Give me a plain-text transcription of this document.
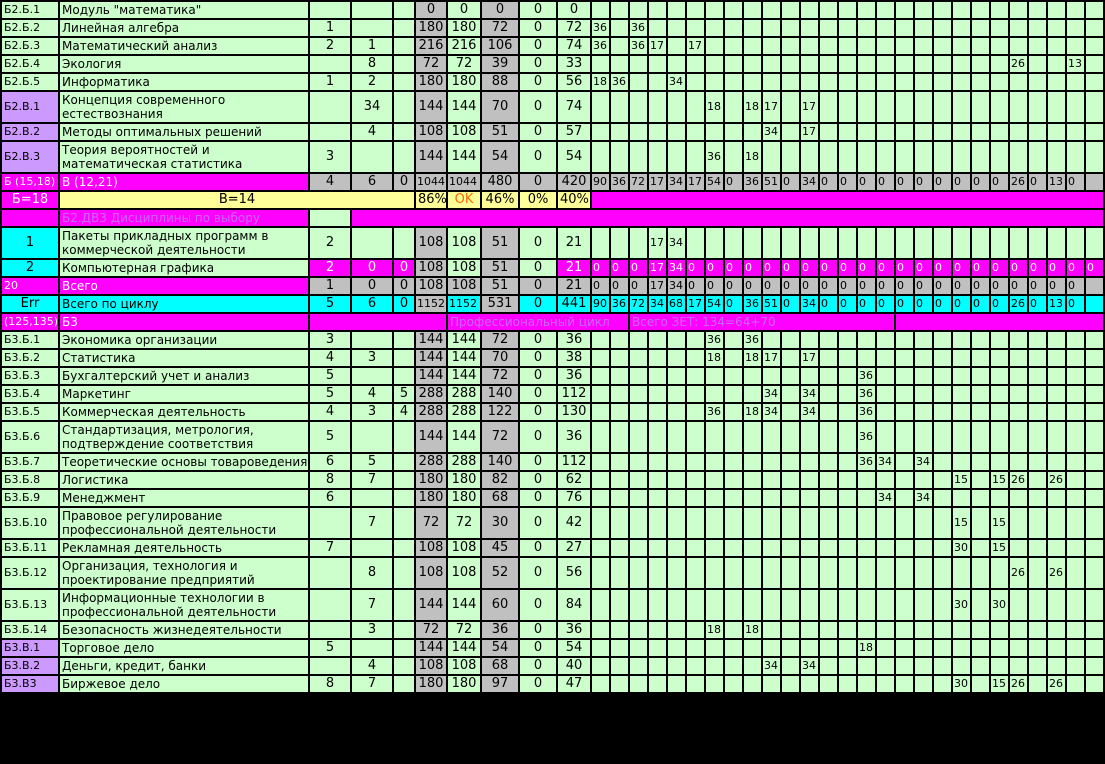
Б2.Б.1	Модуль "математика"				0	0	0	0	0																											
Б2.Б.2	Линейная алгебра	1			180	180	72	0	72	36		36																								
Б2.Б.3	Математический анализ	2	1		216	216	106	0	74	36		36	17		17																					
Б2.Б.4	Экология		8		72	72	39	0	33																							26			13	
Б2.Б.5	Информатика	1	2		180	180	88	0	56	18	36			34																						
Б2.В.1	Концепция современного естествознания		34		144	144	70	0	74							18		18	17		17															
Б2.В.2	Методы оптимальных решений		4		108	108	51	0	57										34		17															
Б2.В.3	Теория вероятностей и математическая статистика	3			144	144	54	0	54							36		18																		
Б (15,18)	В (12,21)	4	6	0	1044	1044	480	0	420	90	36	72	17	34	17	54	0	36	51	0	34	0	0	0	0	0	0	0	0	0	0	26	0	13	0	
Б=18	В=14				86%	OK	46%	0%	40%																											
	Б2.ДВ3 Дисциплины по выбору																																			
1	Пакеты прикладных программ в коммерческой деятельности	2			108	108	51	0	21				17	34																						
2	Компьютерная графика	2	0	0	108	108	51	0	21	0	0	0	17	34	0	0	0	0	0	0	0	0	0	0	0	0	0	0	0	0	0	0	0	0	0	0
20	Всего	1	0	0	108	108	51	0	21	0	0	0	17	34	0	0	0	0	0	0	0	0	0	0	0	0	0	0	0	0	0	0	0	0	0	
Err	Всего по циклу	5	6	0	1152	1152	531	0	441	90	36	72	34	68	17	54	0	36	51	0	34	0	0	0	0	0	0	0	0	0	0	26	0	13	0	
(125,135)	Б3					Профессиональный цикл						Всего ЗЕТ: 134=64+70																								
Б3.Б.1	Экономика организации	3			144	144	72	0	36							36		36																		
Б3.Б.2	Статистика	4	3		144	144	70	0	38							18		18	17		17															
Б3.Б.3	Бухгалтерский учет и анализ	5			144	144	72	0	36															36												
Б3.Б.4	Маркетинг	5	4	5	288	288	140	0	112										34		34			36												
Б3.Б.5	Коммерческая деятельность	4	3	4	288	288	122	0	130							36		18	34		34			36												
Б3.Б.6	Стандартизация, метрология, подтверждение соответствия	5			144	144	72	0	36															36												
Б3.Б.7	Теоретические основы товароведения	6	5		288	288	140	0	112															36	34		34									
Б3.Б.8	Логистика	8	7		180	180	82	0	62																				15		15	26		26		
Б3.Б.9	Менеджмент	6			180	180	68	0	76																34		34									
Б3.Б.10	Правовое регулирование профессиональной деятельности		7		72	72	30	0	42																				15		15					
Б3.Б.11	Рекламная деятельность	7			108	108	45	0	27																				30		15					
Б3.Б.12	Организация, технология и проектирование предприятий		8		108	108	52	0	56																							26		26		
Б3.Б.13	Информационные технологии в профессиональной деятельности		7		144	144	60	0	84																				30		30					
Б3.Б.14	Безопасность жизнедеятельности		3		72	72	36	0	36							18		18																		
Б3.В.1	Торговое дело	5			144	144	54	0	54															18												
Б3.В.2	Деньги, кредит, банки		4		108	108	68	0	40										34		34															
Б3.В3	Биржевое дело	8	7		180	180	97	0	47																				30		15	26		26		
